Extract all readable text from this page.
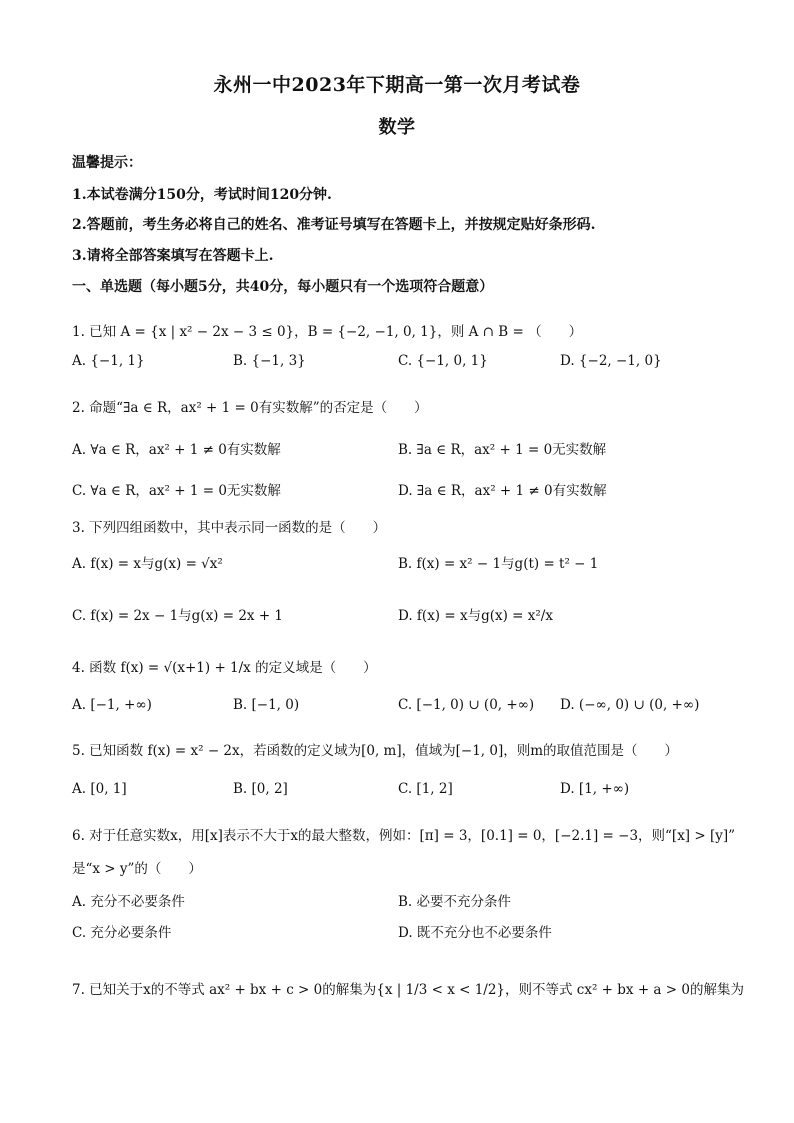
永州一中2023年下期高一第一次月考试卷
数学
温馨提示：
1.本试卷满分150分，考试时间120分钟.
2.答题前，考生务必将自己的姓名、准考证号填写在答题卡上，并按规定贴好条形码.
3.请将全部答案填写在答题卡上.
一、单选题（每小题5分，共40分，每小题只有一个选项符合题意）
1. 已知 A = {x | x² − 2x − 3 ≤ 0}，B = {−2, −1, 0, 1}，则 A ∩ B = （　　）
A. {−1, 1}	B. {−1, 3}	C. {−1, 0, 1}	D. {−2, −1, 0}
2. 命题“∃a ∈ R，ax² + 1 = 0有实数解”的否定是（　　）
A. ∀a ∈ R，ax² + 1 ≠ 0有实数解	B. ∃a ∈ R，ax² + 1 = 0无实数解
C. ∀a ∈ R，ax² + 1 = 0无实数解	D. ∃a ∈ R，ax² + 1 ≠ 0有实数解
3. 下列四组函数中，其中表示同一函数的是（　　）
A. f(x) = x与g(x) = √x²	B. f(x) = x² − 1与g(t) = t² − 1
C. f(x) = 2x − 1与g(x) = 2x + 1	D. f(x) = x与g(x) = x²/x
4. 函数 f(x) = √(x+1) + 1/x 的定义域是（　　）
A. [−1, +∞)	B. [−1, 0)	C. [−1, 0) ∪ (0, +∞) D. (−∞, 0) ∪ (0, +∞)
5. 已知函数 f(x) = x² − 2x，若函数的定义域为[0, m]，值域为[−1, 0]，则m的取值范围是（　　）
A. [0, 1]	B. [0, 2]	C. [1, 2]	D. [1, +∞)
6. 对于任意实数x，用[x]表示不大于x的最大整数，例如：[π] = 3，[0.1] = 0，[−2.1] = −3，则“[x] > [y]”
是“x > y”的（　　）
A. 充分不必要条件	B. 必要不充分条件
C. 充分必要条件	D. 既不充分也不必要条件
7. 已知关于x的不等式 ax² + bx + c > 0的解集为{x | 1/3 < x < 1/2}，则不等式 cx² + bx + a > 0的解集为
